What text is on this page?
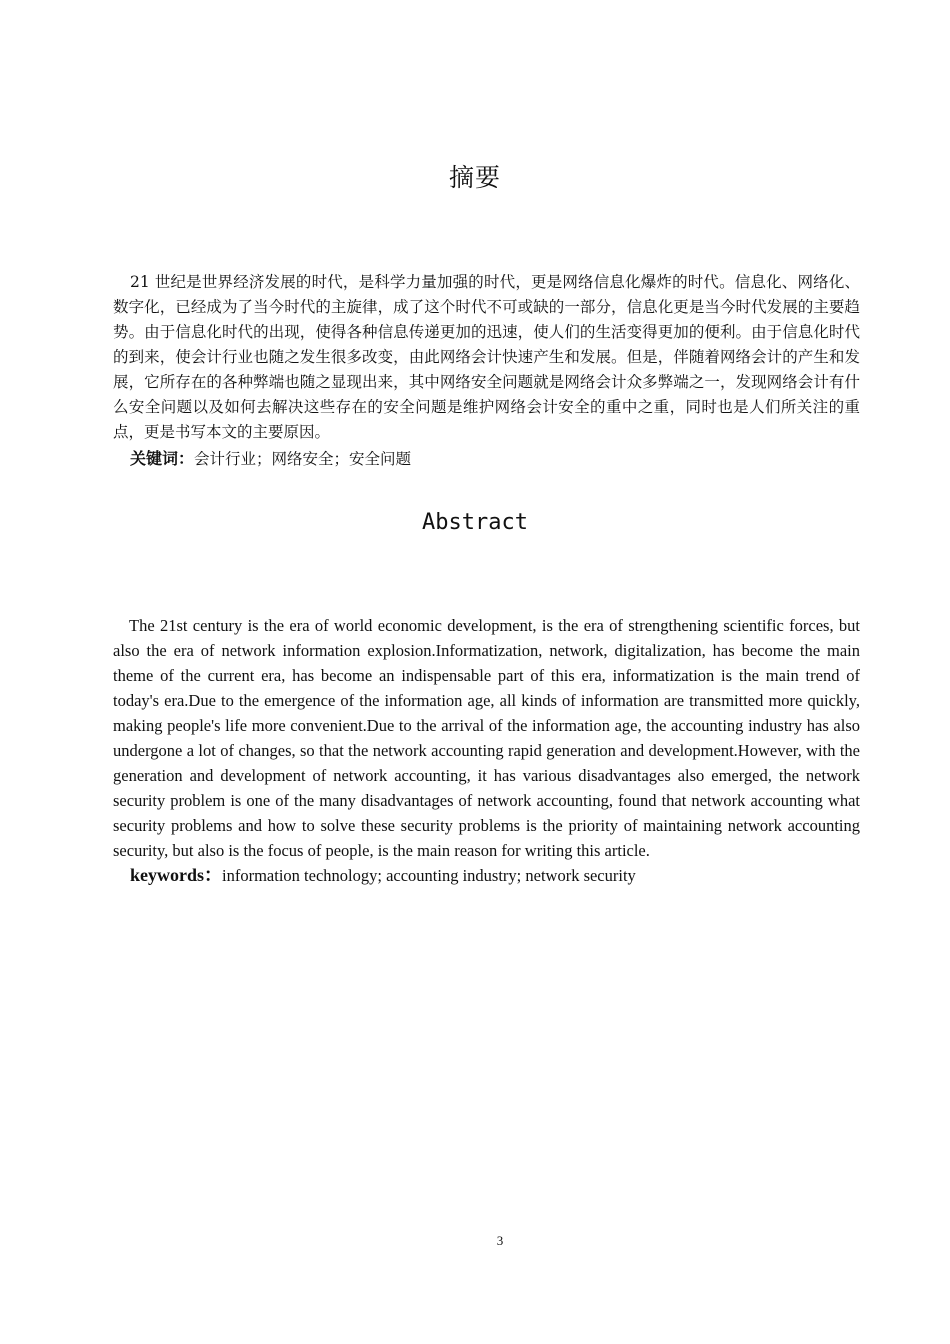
摘要

21 世纪是世界经济发展的时代，是科学力量加强的时代，更是网络信息化爆炸的时代。信息化、网络化、数字化，已经成为了当今时代的主旋律，成了这个时代不可或缺的一部分，信息化更是当今时代发展的主要趋势。由于信息化时代的出现，使得各种信息传递更加的迅速，使人们的生活变得更加的便利。由于信息化时代的到来，使会计行业也随之发生很多改变，由此网络会计快速产生和发展。但是，伴随着网络会计的产生和发展，它所存在的各种弊端也随之显现出来，其中网络安全问题就是网络会计众多弊端之一，发现网络会计有什么安全问题以及如何去解决这些存在的安全问题是维护网络会计安全的重中之重，同时也是人们所关注的重点，更是书写本文的主要原因。

关键词：会计行业；网络安全；安全问题
Abstract

The 21st century is the era of world economic development, is the era of strengthening scientific forces, but also the era of network information explosion.Informatization, network, digitalization, has become the main theme of the current era, has become an indispensable part of this era, informatization is the main trend of today's era.Due to the emergence of the information age, all kinds of information are transmitted more quickly, making people's life more convenient.Due to the arrival of the information age, the accounting industry has also undergone a lot of changes, so that the network accounting rapid generation and development.However, with the generation and development of network accounting, it has various disadvantages also emerged, the network security problem is one of the many disadvantages of network accounting, found that network accounting what security problems and how to solve these security problems is the priority of maintaining network accounting security, but also is the focus of people, is the main reason for writing this article.

keywords：information technology; accounting industry; network security
3
